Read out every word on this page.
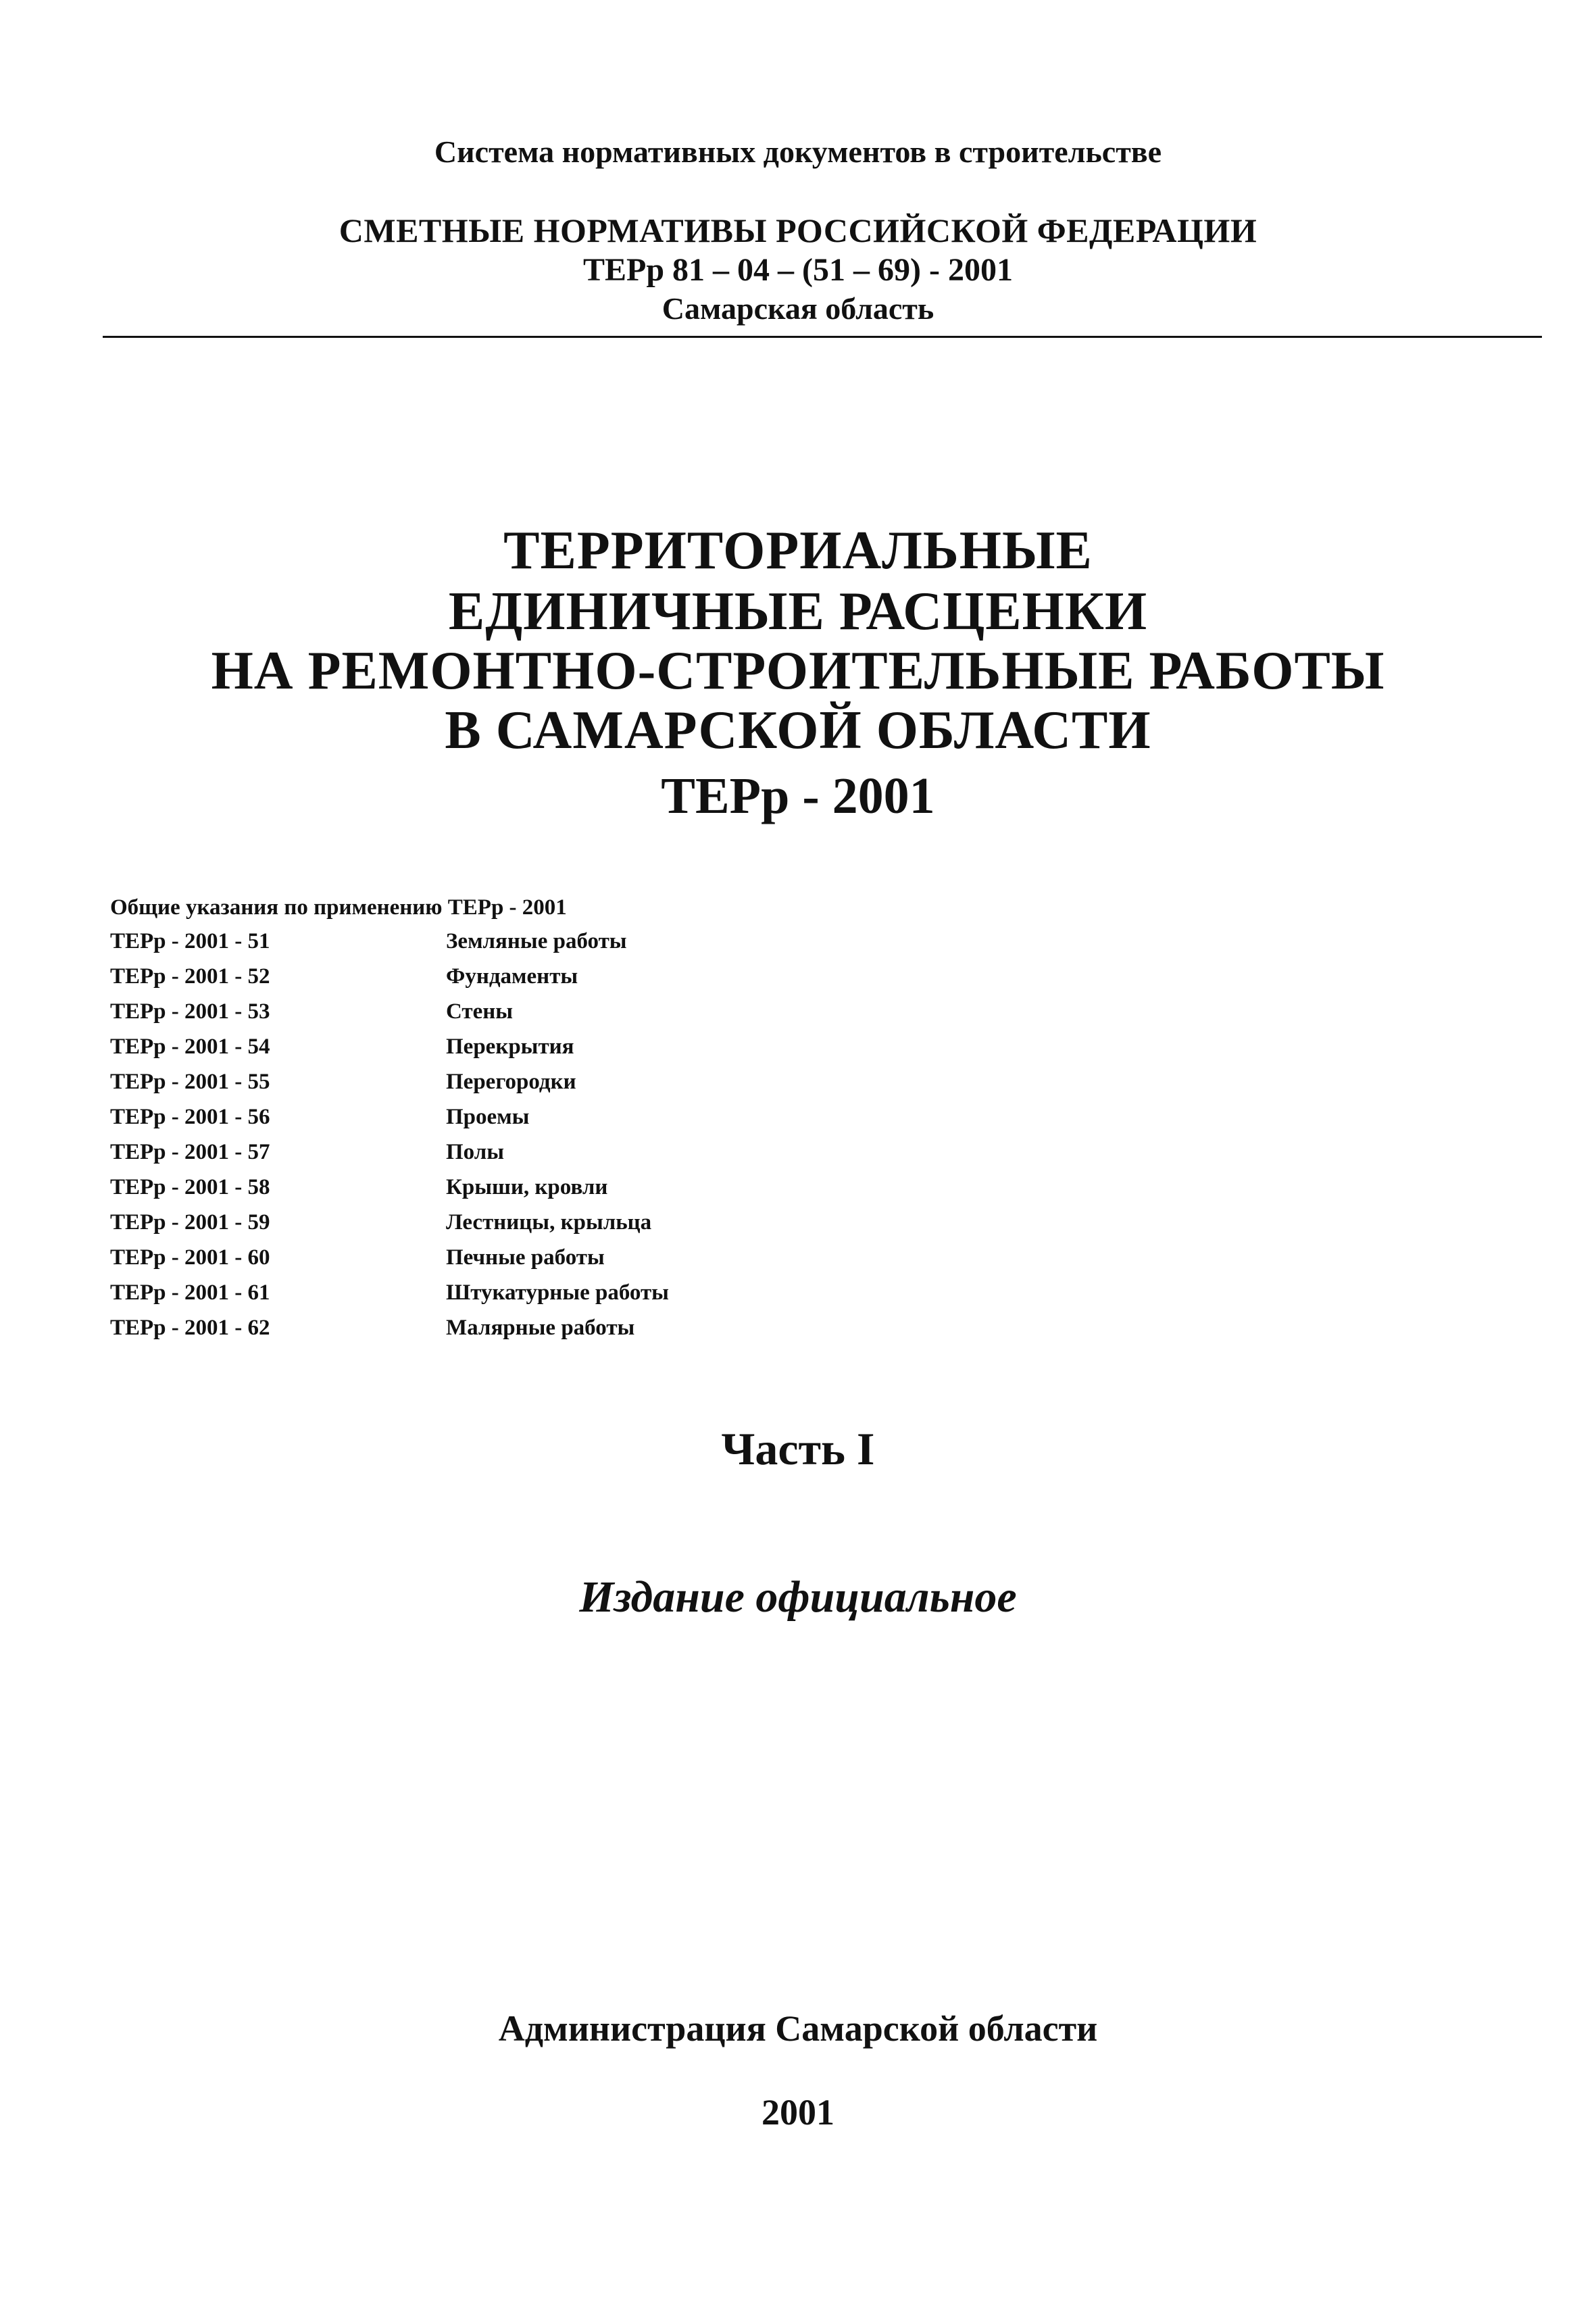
Система нормативных документов в строительстве
СМЕТНЫЕ НОРМАТИВЫ РОССИЙСКОЙ ФЕДЕРАЦИИ
ТЕРр 81 – 04 – (51 – 69) - 2001
Самарская область
ТЕРРИТОРИАЛЬНЫЕ
ЕДИНИЧНЫЕ РАСЦЕНКИ
НА РЕМОНТНО-СТРОИТЕЛЬНЫЕ РАБОТЫ
В САМАРСКОЙ ОБЛАСТИ
ТЕРр - 2001
Общие указания по применению ТЕРр - 2001
ТЕРр - 2001 - 51	Земляные работы
ТЕРр - 2001 - 52	Фундаменты
ТЕРр - 2001 - 53	Стены
ТЕРр - 2001 - 54	Перекрытия
ТЕРр - 2001 - 55	Перегородки
ТЕРр - 2001 - 56	Проемы
ТЕРр - 2001 - 57	Полы
ТЕРр - 2001 - 58	Крыши, кровли
ТЕРр - 2001 - 59	Лестницы, крыльца
ТЕРр - 2001 - 60	Печные работы
ТЕРр - 2001 - 61	Штукатурные работы
ТЕРр - 2001 - 62	Малярные работы
Часть I
Издание официальное
Администрация Самарской области
2001
